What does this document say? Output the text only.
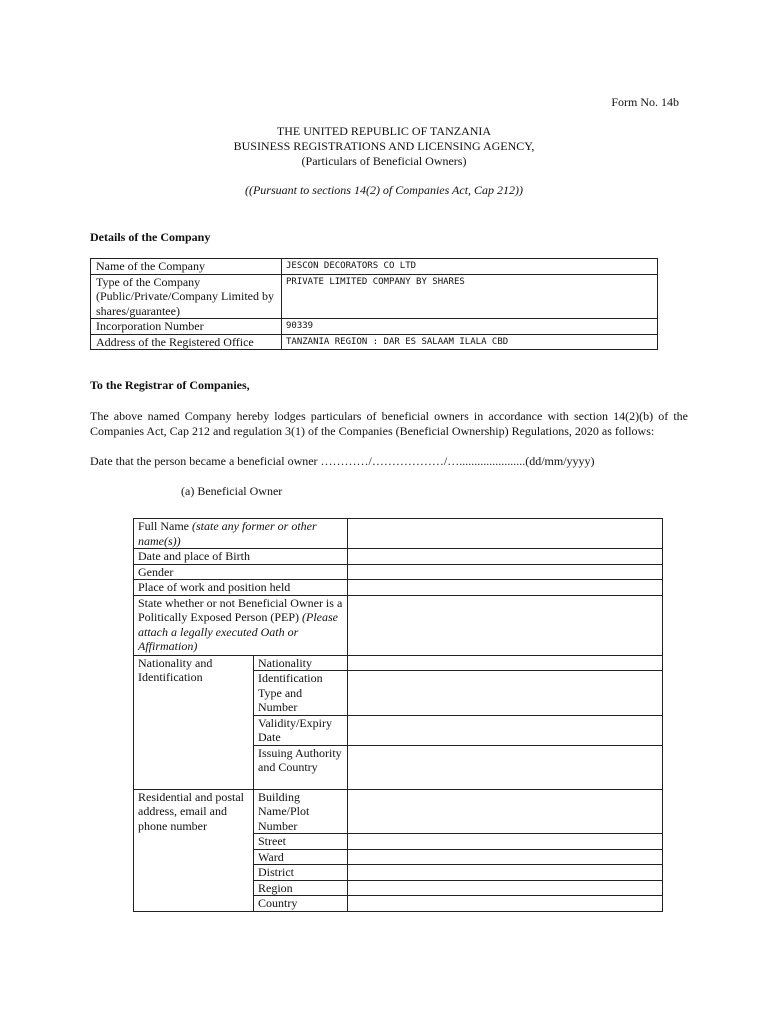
Form No. 14b
THE UNITED REPUBLIC OF TANZANIA
BUSINESS REGISTRATIONS AND LICENSING AGENCY,
(Particulars of Beneficial Owners)
((Pursuant to sections 14(2) of Companies Act, Cap 212))
Details of the Company
Name of the Company	JESCON DECORATORS CO LTD
Type of the Company (Public/Private/Company Limited by shares/guarantee)	PRIVATE LIMITED COMPANY BY SHARES
Incorporation Number	90339
Address of the Registered Office	TANZANIA REGION : DAR ES SALAAM ILALA CBD
To the Registrar of Companies,
The above named Company hereby lodges particulars of beneficial owners in accordance with section 14(2)(b) of the Companies Act, Cap 212 and regulation 3(1) of the Companies (Beneficial Ownership) Regulations, 2020 as follows:
Date that the person became a beneficial owner …………/………………/…......................(dd/mm/yyyy)
(a) Beneficial Owner
Full Name (state any former or other name(s))		
Date and place of Birth		
Gender		
Place of work and position held		
State whether or not Beneficial Owner is a Politically Exposed Person (PEP) (Please attach a legally executed Oath or Affirmation)		
Nationality and Identification	Nationality	
	Identification Type and Number	
	Validity/Expiry Date	
	Issuing Authority and Country	
Residential and postal address, email and phone number	Building Name/Plot Number	
	Street	
	Ward	
	District	
	Region	
	Country	
